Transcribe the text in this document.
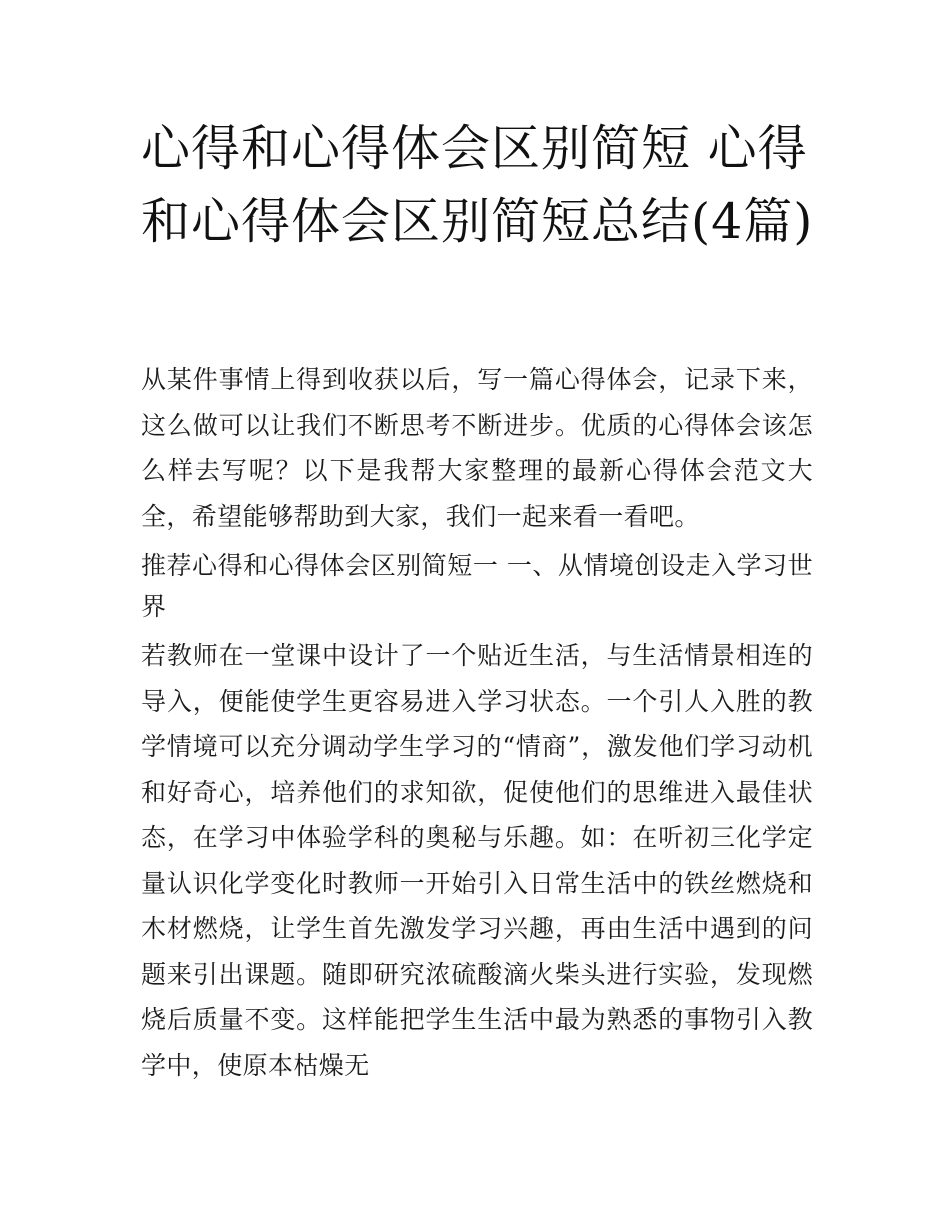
心得和心得体会区别简短 心得和心得体会区别简短总结(4篇)

从某件事情上得到收获以后，写一篇心得体会，记录下来，这么做可以让我们不断思考不断进步。优质的心得体会该怎么样去写呢？以下是我帮大家整理的最新心得体会范文大全，希望能够帮助到大家，我们一起来看一看吧。

推荐心得和心得体会区别简短一 一、从情境创设走入学习世界

若教师在一堂课中设计了一个贴近生活，与生活情景相连的导入，便能使学生更容易进入学习状态。一个引人入胜的教学情境可以充分调动学生学习的“情商”，激发他们学习动机和好奇心，培养他们的求知欲，促使他们的思维进入最佳状态，在学习中体验学科的奥秘与乐趣。如：在听初三化学定量认识化学变化时教师一开始引入日常生活中的铁丝燃烧和木材燃烧，让学生首先激发学习兴趣，再由生活中遇到的问题来引出课题。随即研究浓硫酸滴火柴头进行实验，发现燃烧后质量不变。这样能把学生生活中最为熟悉的事物引入教学中，使原本枯燥无
